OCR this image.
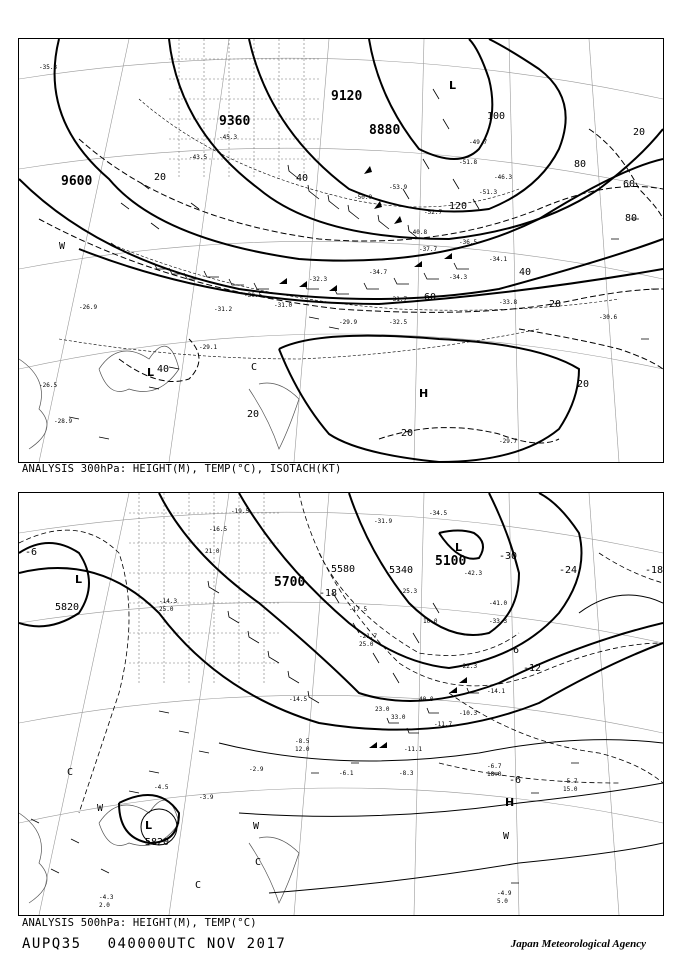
9600
9360
9120
8880
20	40
60
80
100
120
20
20
20
20
40
60
80
20
40
H
L
L	C
W
-43.5
-45.3
-50.9
-53.9
-52.7
-51.3
-46.3
-40.8
-37.7
-36.5
-34.7
-34.1
-32.3
-31.7
-30.5
-29.9	-32.5
-29.7
-31.0
-28.9
-29.1
-26.5
-35.3
-49.7
-51.8
-34.3
-33.8
-31.2
-30.6
-26.9
ANALYSIS 300hPa: HEIGHT(M), TEMP(°C), ISOTACH(KT)
5700
5820
5580	5340
5100
5820
-6
-18
-18
-24
-30
-12
-6
-6
L
L
L
H
W
W
W
C
C
C
-19.5
-16.5
21.0
-14.3
25.0	-17.5
-21.7
25.0
-25.3
-31.9
-34.5
-42.3
-41.0
-33.3
-22.3
-14.1
-10.3
-11.7
-11.1
-8.3
-6.1
-4.5
-3.9
-2.9	-6.7
18.0
-5.7
15.0
-4.9
5.0
-4.3
2.0
23.0
33.0
40.0
10.0
-14.5
-8.5
12.0
ANALYSIS 500hPa: HEIGHT(M), TEMP(°C)
AUPQ35 040000UTC NOV 2017	Japan Meteorological Agency
